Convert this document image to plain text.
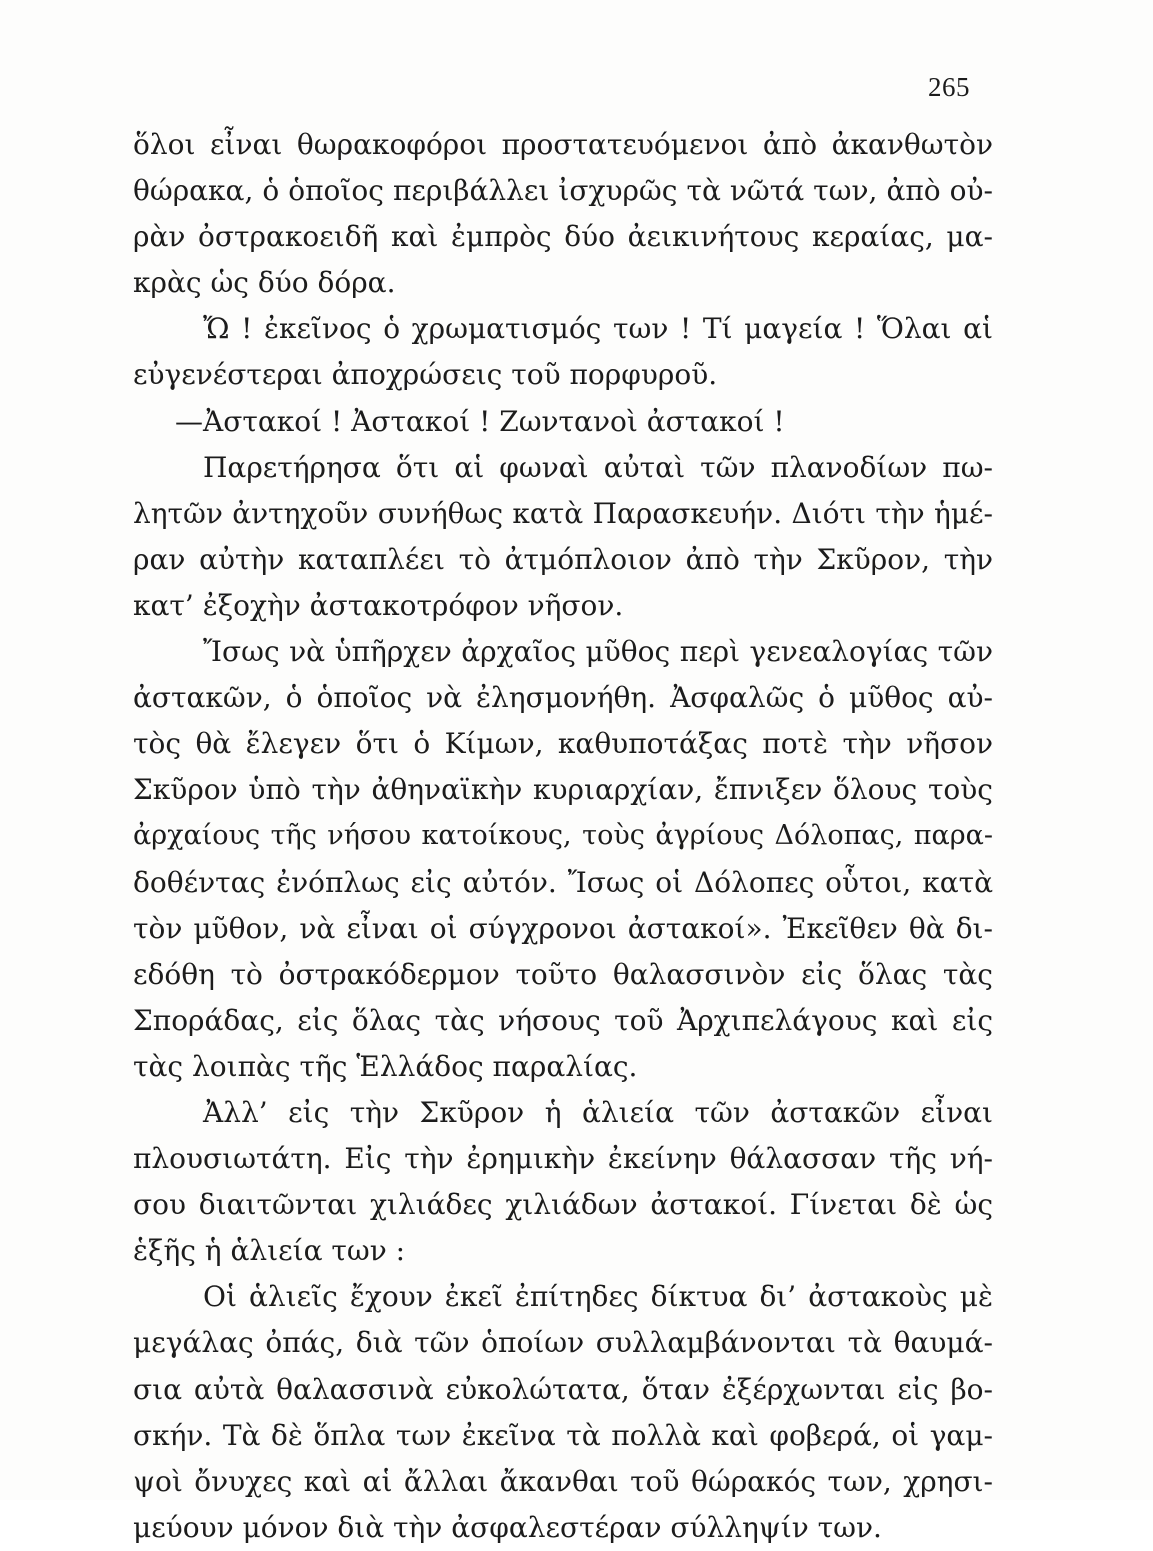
265
ὅλοι εἶναι θωρακοφόροι προστατευόμενοι ἀπὸ ἀκανθωτὸν
θώρακα, ὁ ὁποῖος περιβάλλει ἰσχυρῶς τὰ νῶτά των, ἀπὸ οὐ-
ρὰν ὀστρακοειδῆ καὶ ἐμπρὸς δύο ἀεικινήτους κεραίας, μα-
κρὰς ὡς δύο δόρα.
Ὤ ! ἐκεῖνος ὁ χρωματισμός των ! Τί μαγεία ! Ὅλαι αἱ
εὐγενέστεραι ἀποχρώσεις τοῦ πορφυροῦ.
—Ἀστακοί ! Ἀστακοί ! Ζωντανοὶ ἀστακοί !
Παρετήρησα ὅτι αἱ φωναὶ αὐταὶ τῶν πλανοδίων πω-
λητῶν ἀντηχοῦν συνήθως κατὰ Παρασκευήν. Διότι τὴν ἡμέ-
ραν αὐτὴν καταπλέει τὸ ἀτμόπλοιον ἀπὸ τὴν Σκῦρον, τὴν
κατ’ ἐξοχὴν ἀστακοτρόφον νῆσον.
Ἴσως νὰ ὑπῆρχεν ἀρχαῖος μῦθος περὶ γενεαλογίας τῶν
ἀστακῶν, ὁ ὁποῖος νὰ ἐλησμονήθη. Ἀσφαλῶς ὁ μῦθος αὐ-
τὸς θὰ ἔλεγεν ὅτι ὁ Κίμων, καθυποτάξας ποτὲ τὴν νῆσον
Σκῦρον ὑπὸ τὴν ἀθηναϊκὴν κυριαρχίαν, ἔπνιξεν ὅλους τοὺς
ἀρχαίους τῆς νήσου κατοίκους, τοὺς ἀγρίους Δόλοπας, παρα-
δοθέντας ἐνόπλως εἰς αὐτόν. Ἴσως οἱ Δόλοπες οὗτοι, κατὰ
τὸν μῦθον, νὰ εἶναι οἱ σύγχρονοι ἀστακοί». Ἐκεῖθεν θὰ δι-
εδόθη τὸ ὀστρακόδερμον τοῦτο θαλασσινὸν εἰς ὅλας τὰς
Σποράδας, εἰς ὅλας τὰς νήσους τοῦ Ἀρχιπελάγους καὶ εἰς
τὰς λοιπὰς τῆς Ἑλλάδος παραλίας.
Ἀλλ’ εἰς τὴν Σκῦρον ἡ ἁλιεία τῶν ἀστακῶν εἶναι
πλουσιωτάτη. Εἰς τὴν ἐρημικὴν ἐκείνην θάλασσαν τῆς νή-
σου διαιτῶνται χιλιάδες χιλιάδων ἀστακοί. Γίνεται δὲ ὡς
ἑξῆς ἡ ἁλιεία των :
Οἱ ἁλιεῖς ἔχουν ἐκεῖ ἐπίτηδες δίκτυα δι’ ἀστακοὺς μὲ
μεγάλας ὀπάς, διὰ τῶν ὁποίων συλλαμβάνονται τὰ θαυμά-
σια αὐτὰ θαλασσινὰ εὐκολώτατα, ὅταν ἐξέρχωνται εἰς βο-
σκήν. Τὰ δὲ ὅπλα των ἐκεῖνα τὰ πολλὰ καὶ φοβερά, οἱ γαμ-
ψοὶ ὄνυχες καὶ αἱ ἄλλαι ἄκανθαι τοῦ θώρακός των, χρησι-
μεύουν μόνον διὰ τὴν ἀσφαλεστέραν σύλληψίν των.
